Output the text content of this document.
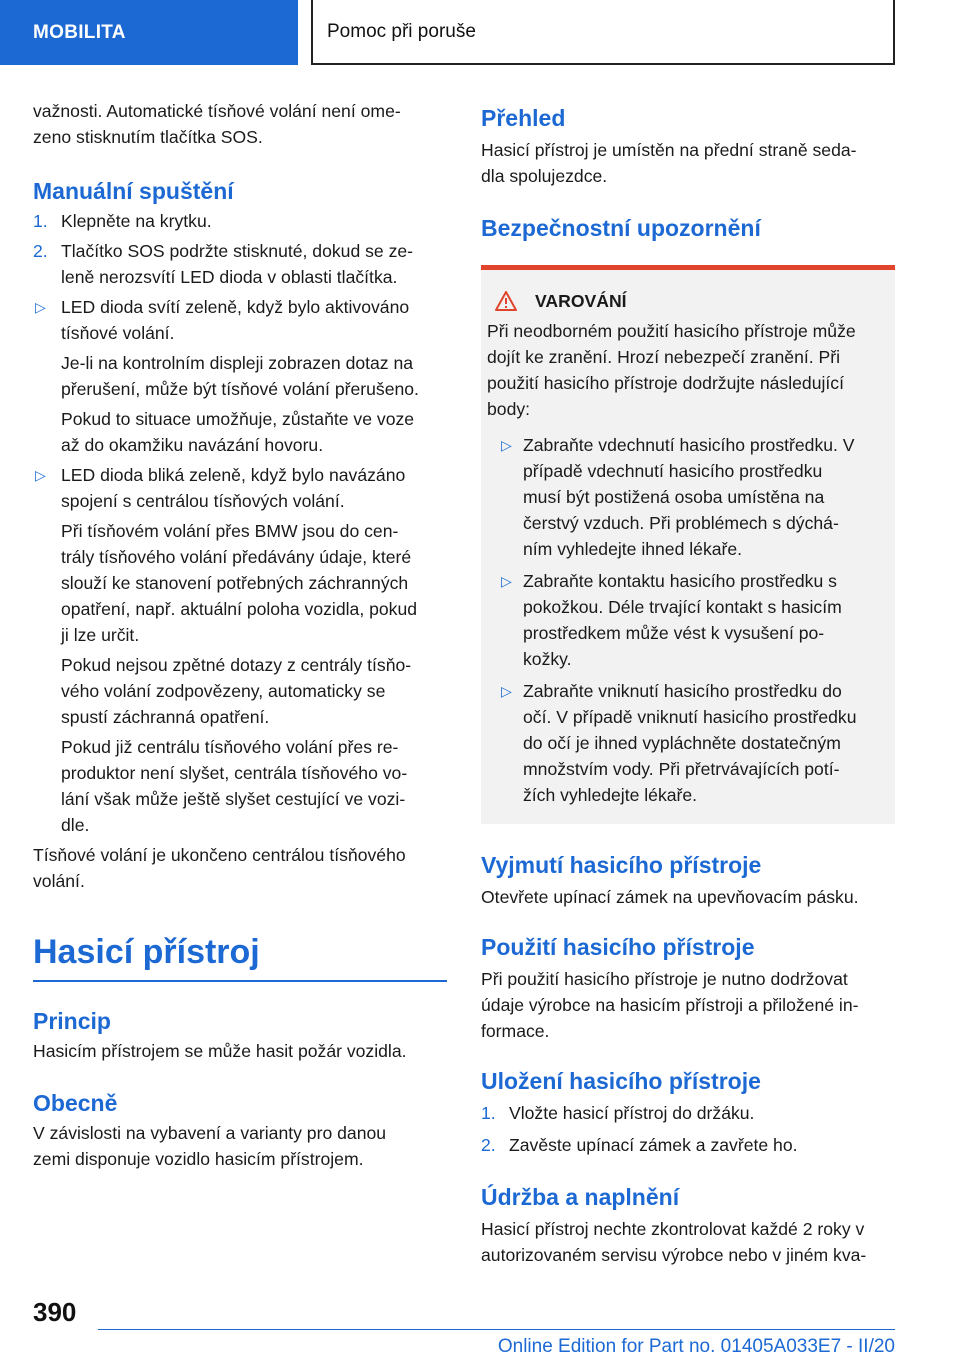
MOBILITA	Pomoc při poruše

važnosti. Automatické tísňové volání není ome-
zeno stisknutím tlačítka SOS.

Manuální spuštění
1. Klepněte na krytku.
2. Tlačítko SOS podržte stisknuté, dokud se ze-
leně nerozsvítí LED dioda v oblasti tlačítka.
▷ LED dioda svítí zeleně, když bylo aktivováno
tísňové volání.
Je-li na kontrolním displeji zobrazen dotaz na
přerušení, může být tísňové volání přerušeno.
Pokud to situace umožňuje, zůstaňte ve voze
až do okamžiku navázání hovoru.
▷ LED dioda bliká zeleně, když bylo navázáno
spojení s centrálou tísňových volání.
Při tísňovém volání přes BMW jsou do cen-
trály tísňového volání předávány údaje, které
slouží ke stanovení potřebných záchranných
opatření, např. aktuální poloha vozidla, pokud
ji lze určit.
Pokud nejsou zpětné dotazy z centrály tísňo-
vého volání zodpovězeny, automaticky se
spustí záchranná opatření.
Pokud již centrálu tísňového volání přes re-
produktor není slyšet, centrála tísňového vo-
lání však může ještě slyšet cestující ve vozi-
dle.

Tísňové volání je ukončeno centrálou tísňového
volání.

Hasicí přístroj
Princip

Hasicím přístrojem se může hasit požár vozidla.

Obecně

V závislosti na vybavení a varianty pro danou
zemi disponuje vozidlo hasicím přístrojem.

Přehled

Hasicí přístroj je umístěn na přední straně seda-
dla spolujezdce.

Bezpečnostní upozornění
VAROVÁNÍ
Při neodborném použití hasicího přístroje může
dojít ke zranění. Hrozí nebezpečí zranění. Při
použití hasicího přístroje dodržujte následující
body:
▷ Zabraňte vdechnutí hasicího prostředku. V
případě vdechnutí hasicího prostředku
musí být postižená osoba umístěna na
čerstvý vzduch. Při problémech s dýchá-
ním vyhledejte ihned lékaře.
▷ Zabraňte kontaktu hasicího prostředku s
pokožkou. Déle trvající kontakt s hasicím
prostředkem může vést k vysušení po-
kožky.
▷ Zabraňte vniknutí hasicího prostředku do
očí. V případě vniknutí hasicího prostředku
do očí je ihned vypláchněte dostatečným
množstvím vody. Při přetrvávajících potí-
žích vyhledejte lékaře.
Vyjmutí hasicího přístroje

Otevřete upínací zámek na upevňovacím pásku.

Použití hasicího přístroje

Při použití hasicího přístroje je nutno dodržovat
údaje výrobce na hasicím přístroji a přiložené in-
formace.

Uložení hasicího přístroje
1. Vložte hasicí přístroj do držáku.
2. Zavěste upínací zámek a zavřete ho.
Údržba a naplnění

Hasicí přístroj nechte zkontrolovat každé 2 roky v
autorizovaném servisu výrobce nebo v jiném kva-

390
Online Edition for Part no. 01405A033E7 - II/20
